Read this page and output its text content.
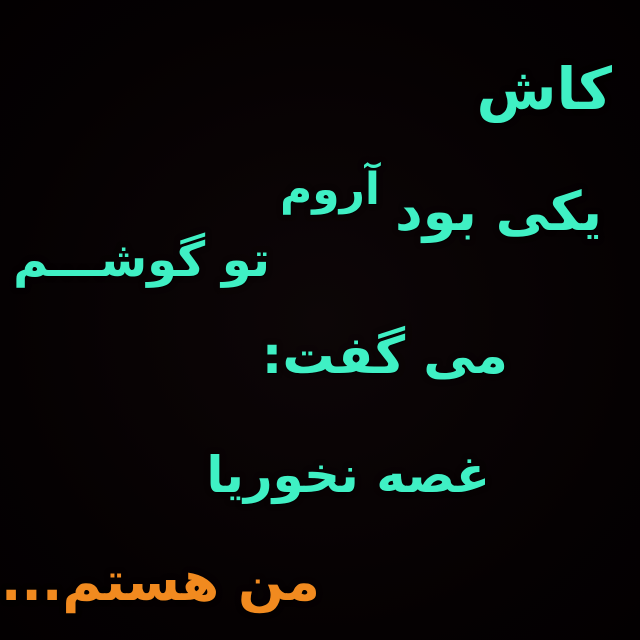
کاش
آروم یکی بود
تو گوشـــم
می گفت:
غصه نخوریا
من هستم...
